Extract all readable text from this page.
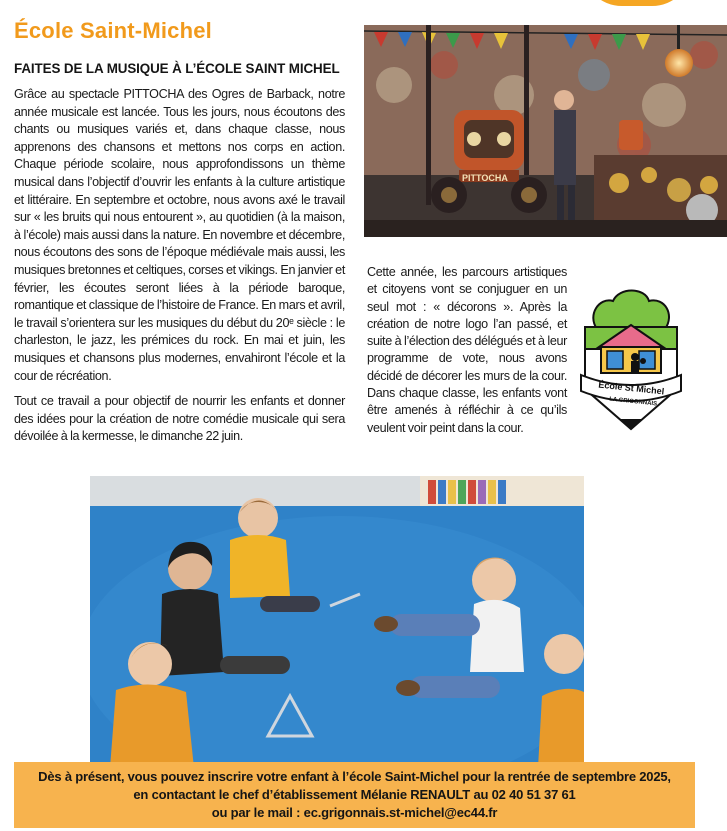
École Saint-Michel
FAITES DE LA MUSIQUE À L’ÉCOLE SAINT MICHEL

Grâce au spectacle PITTOCHA des Ogres de Barback, notre année musicale est lancée. Tous les jours, nous écoutons des chants ou musiques variés et, dans chaque classe, nous apprenons des chansons et mettons nos corps en action. Chaque période scolaire, nous approfondissons un thème musical dans l’objectif d’ouvrir les enfants à la culture artistique et littéraire. En septembre et octobre, nous avons axé le travail sur « les bruits qui nous entourent », au quotidien (à la maison, à l’école) mais aussi dans la nature. En novembre et décembre, nous écoutons des sons de l’époque médiévale mais aussi, les musiques bretonnes et celtiques, corses et vikings. En janvier et février, les écoutes seront liées à la période baroque, romantique et classique de l’histoire de France. En mars et avril, le travail s’orientera sur les musiques du début du 20ᵉ siècle : le charleston, le jazz, les prémices du rock. En mai et juin, les musiques et chansons plus modernes, envahiront l’école et la cour de récréation.

Tout ce travail a pour objectif de nourrir les enfants et donner des idées pour la création de notre comédie musicale qui sera dévoilée à la kermesse, le dimanche 22 juin.

PITTOCHA

Cette année, les parcours artistiques et citoyens vont se conjuguer en un seul mot : « décorons ». Après la création de notre logo l’an passé, et suite à l’élection des délégués et à leur programme de vote, nous avons décidé de décorer les murs de la cour. Dans chaque classe, les enfants vont être amenés à réfléchir à ce qu’ils veulent voir peint dans la cour.

École St Michel
LA GRIGONNAIS
Dès à présent, vous pouvez inscrire votre enfant à l’école Saint-Michel pour la rentrée de septembre 2025,
en contactant le chef d’établissement Mélanie RENAULT au 02 40 51 37 61
ou par le mail : ec.grigonnais.st-michel@ec44.fr
